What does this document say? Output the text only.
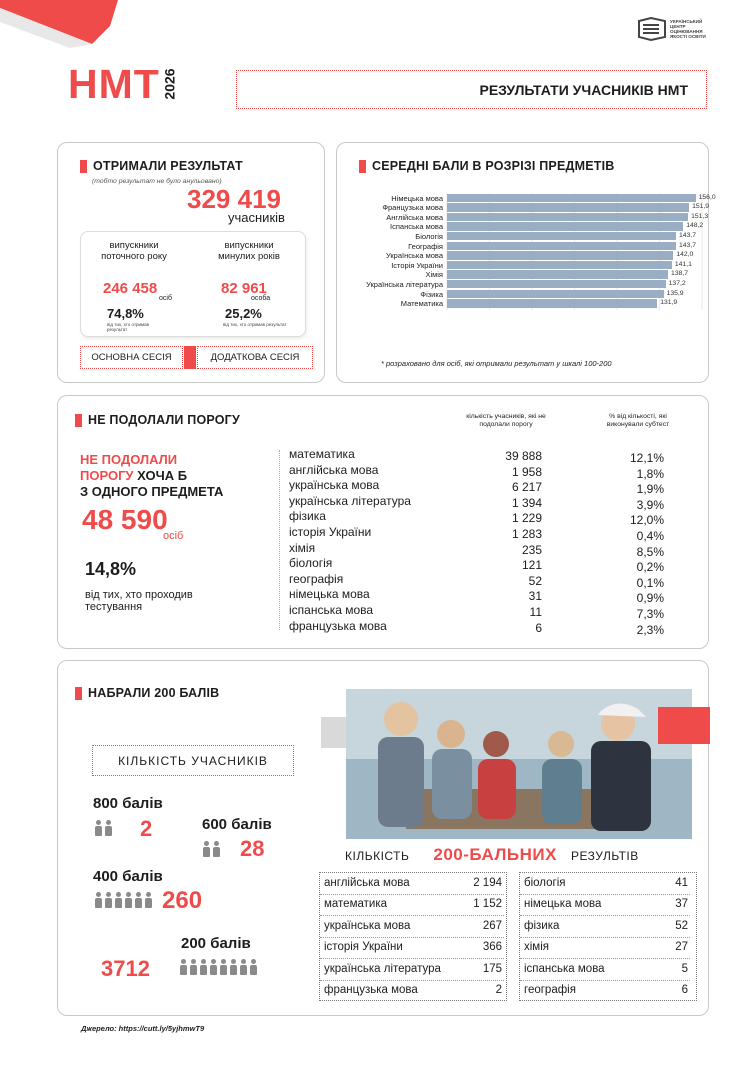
НМТ 2026
УКРАЇНСЬКИЙ
ЦЕНТР
ОЦІНЮВАННЯ
ЯКОСТІ ОСВІТИ
РЕЗУЛЬТАТИ УЧАСНИКІВ НМТ
ОТРИМАЛИ РЕЗУЛЬТАТ
(тобто результат не було анульовано)
329 419
учасників
випускники поточного року
246 458
осіб
74,8%
від тих, хто отримав результат
випускники минулих років
82 961
особа
25,2%
від тих, хто отримав результат
ОСНОВНА СЕСІЯ	ДОДАТКОВА СЕСІЯ
СЕРЕДНІ БАЛИ В РОЗРІЗІ ПРЕДМЕТІВ
Німецька мова	156,0
Французька мова	151,9
Англійська мова	151,3
Іспанська мова	148,2
Біологія	143,7
Географія	143,7
Українська мова	142,0
Історія України	141,1
Хімія	138,7
Українська література	137,2
Фізика	135,9
Математика	131,9
* розраховано для осіб, які отримали результат у шкалі 100-200
НЕ ПОДОЛАЛИ ПОРОГУ	кількість учасників, які не подолали порогу
% від кількості, які виконували субтест
НЕ ПОДОЛАЛИ
ПОРОГУ ХОЧА Б
З ОДНОГО ПРЕДМЕТА
48 590
осіб
14,8%
від тих, хто проходив тестування
математика	39 888	12,1%
англійська мова	1 958	1,8%
українська мова	6 217	1,9%
українська література	1 394	3,9%
фізика	1 229	12,0%
історія України	1 283	0,4%
хімія	235	8,5%
біологія	121	0,2%
географія	52	0,1%
німецька мова	31	0,9%
іспанська мова	11	7,3%
французька мова	6	2,3%
НАБРАЛИ 200 БАЛІВ
КІЛЬКІСТЬ УЧАСНИКІВ
800 балів
2	600 балів
28
400 балів
260
200 балів
3712
КІЛЬКІСТЬ 200-БАЛЬНИХ РЕЗУЛЬТІВ
англійська мова	2 194
математика	1 152
українська мова	267
історія України	366
українська література	175
французька мова	2
біологія	41
німецька мова	37
фізика	52
хімія	27
іспанська мова	5
географія	6
Джерело: https://cutt.ly/5yjhmwT9
